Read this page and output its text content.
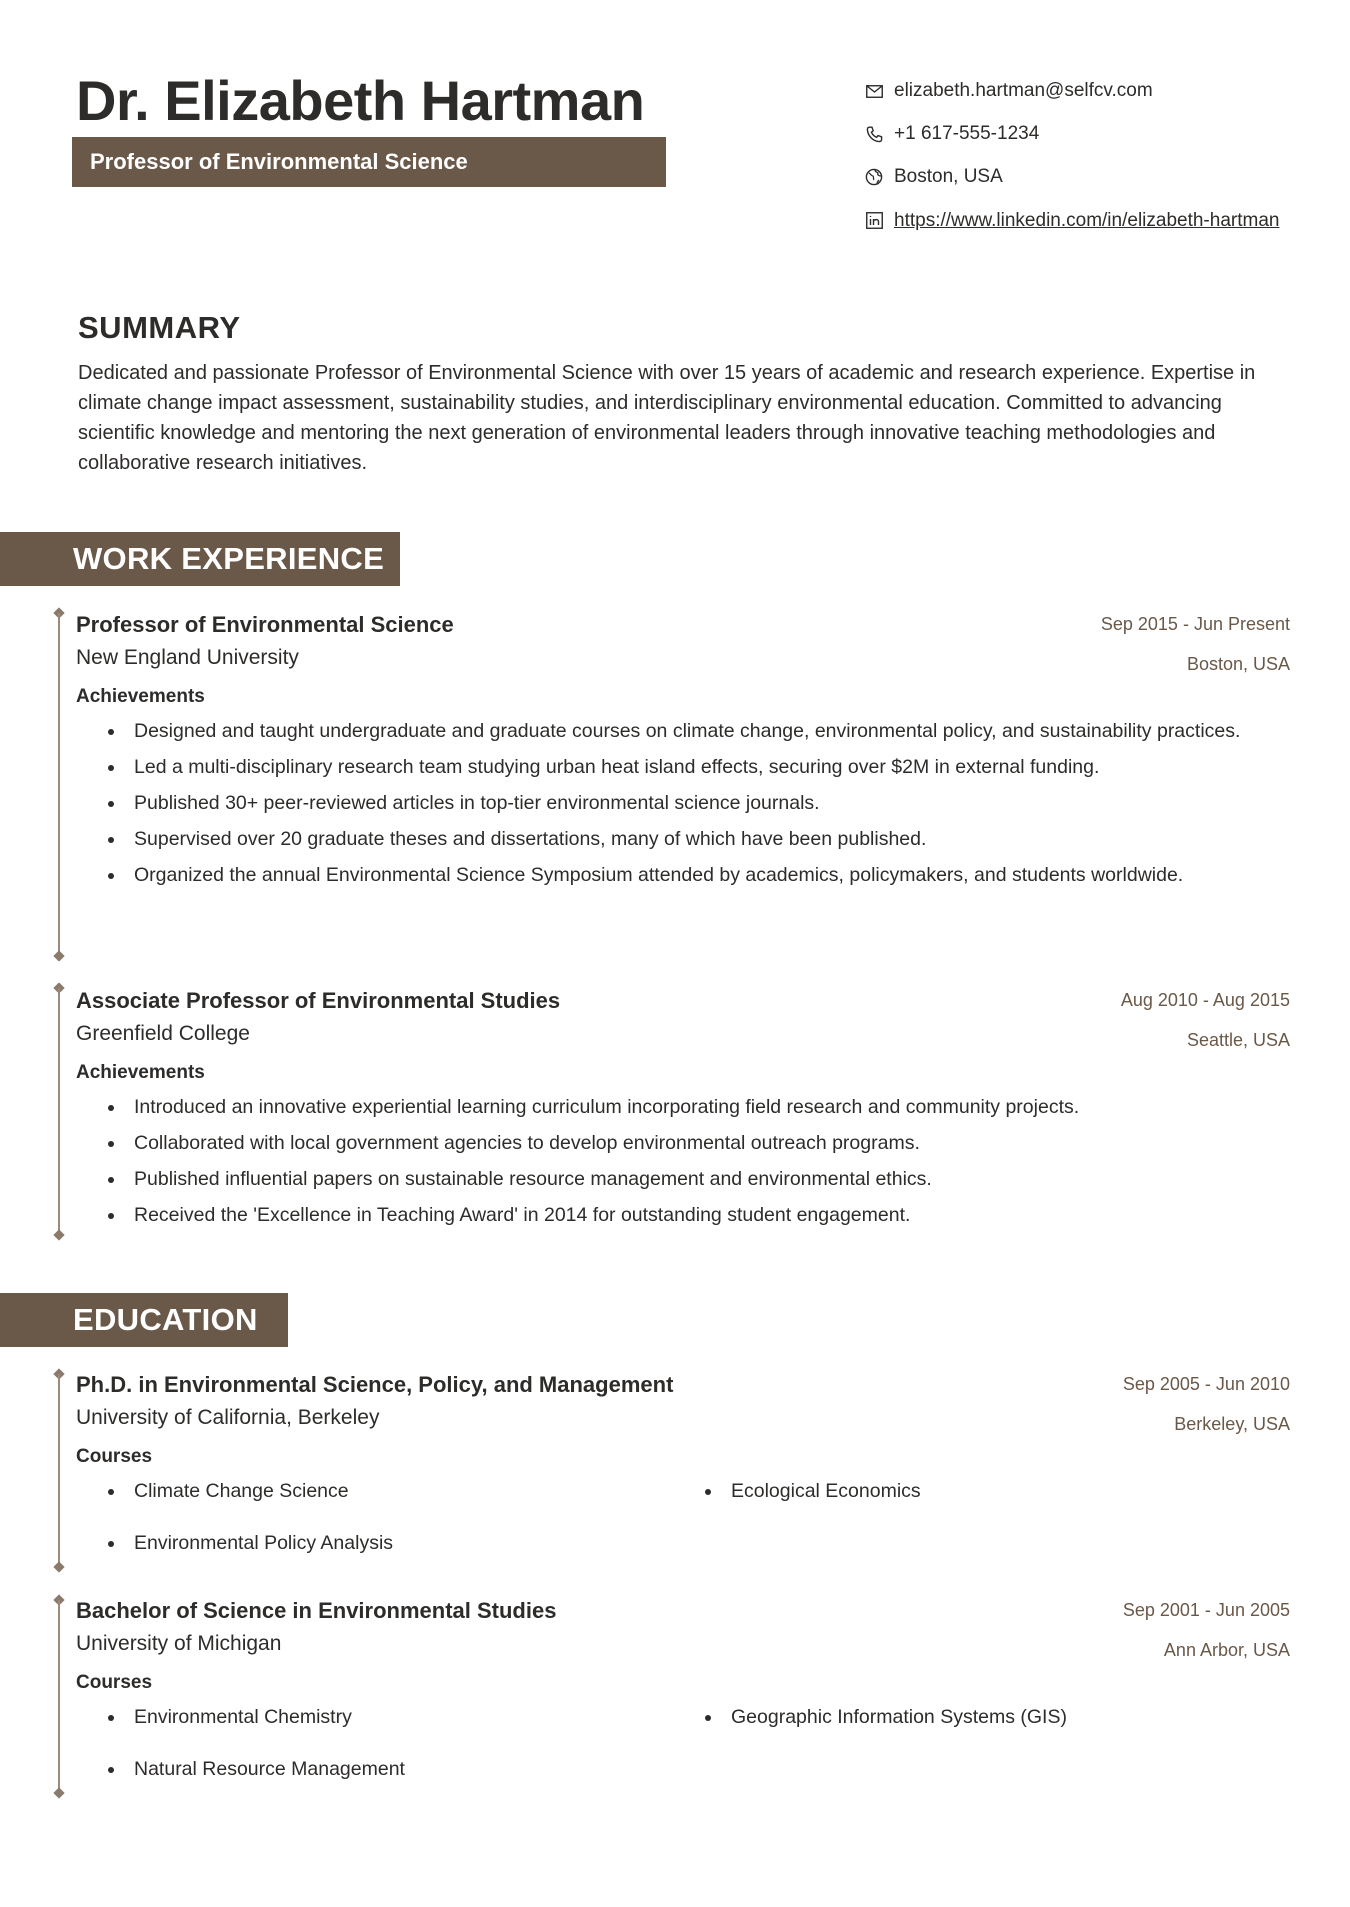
Dr. Elizabeth Hartman
Professor of Environmental Science
elizabeth.hartman@selfcv.com
+1 617-555-1234
Boston, USA
https://www.linkedin.com/in/elizabeth-hartman
SUMMARY
Dedicated and passionate Professor of Environmental Science with over 15 years of academic and research experience. Expertise in climate change impact assessment, sustainability studies, and interdisciplinary environmental education. Committed to advancing scientific knowledge and mentoring the next generation of environmental leaders through innovative teaching methodologies and collaborative research initiatives.
WORK EXPERIENCE
Professor of Environmental Science
New England University
Sep 2015 - Jun Present
Boston, USA
Achievements
Designed and taught undergraduate and graduate courses on climate change, environmental policy, and sustainability practices.
Led a multi-disciplinary research team studying urban heat island effects, securing over $2M in external funding.
Published 30+ peer-reviewed articles in top-tier environmental science journals.
Supervised over 20 graduate theses and dissertations, many of which have been published.
Organized the annual Environmental Science Symposium attended by academics, policymakers, and students worldwide.
Associate Professor of Environmental Studies
Greenfield College
Aug 2010 - Aug 2015
Seattle, USA
Achievements
Introduced an innovative experiential learning curriculum incorporating field research and community projects.
Collaborated with local government agencies to develop environmental outreach programs.
Published influential papers on sustainable resource management and environmental ethics.
Received the 'Excellence in Teaching Award' in 2014 for outstanding student engagement.
EDUCATION
Ph.D. in Environmental Science, Policy, and Management
University of California, Berkeley
Sep 2005 - Jun 2010
Berkeley, USA
Courses
Climate Change Science	Ecological Economics
Environmental Policy Analysis
Bachelor of Science in Environmental Studies
University of Michigan
Sep 2001 - Jun 2005
Ann Arbor, USA
Courses
Environmental Chemistry	Geographic Information Systems (GIS)
Natural Resource Management
